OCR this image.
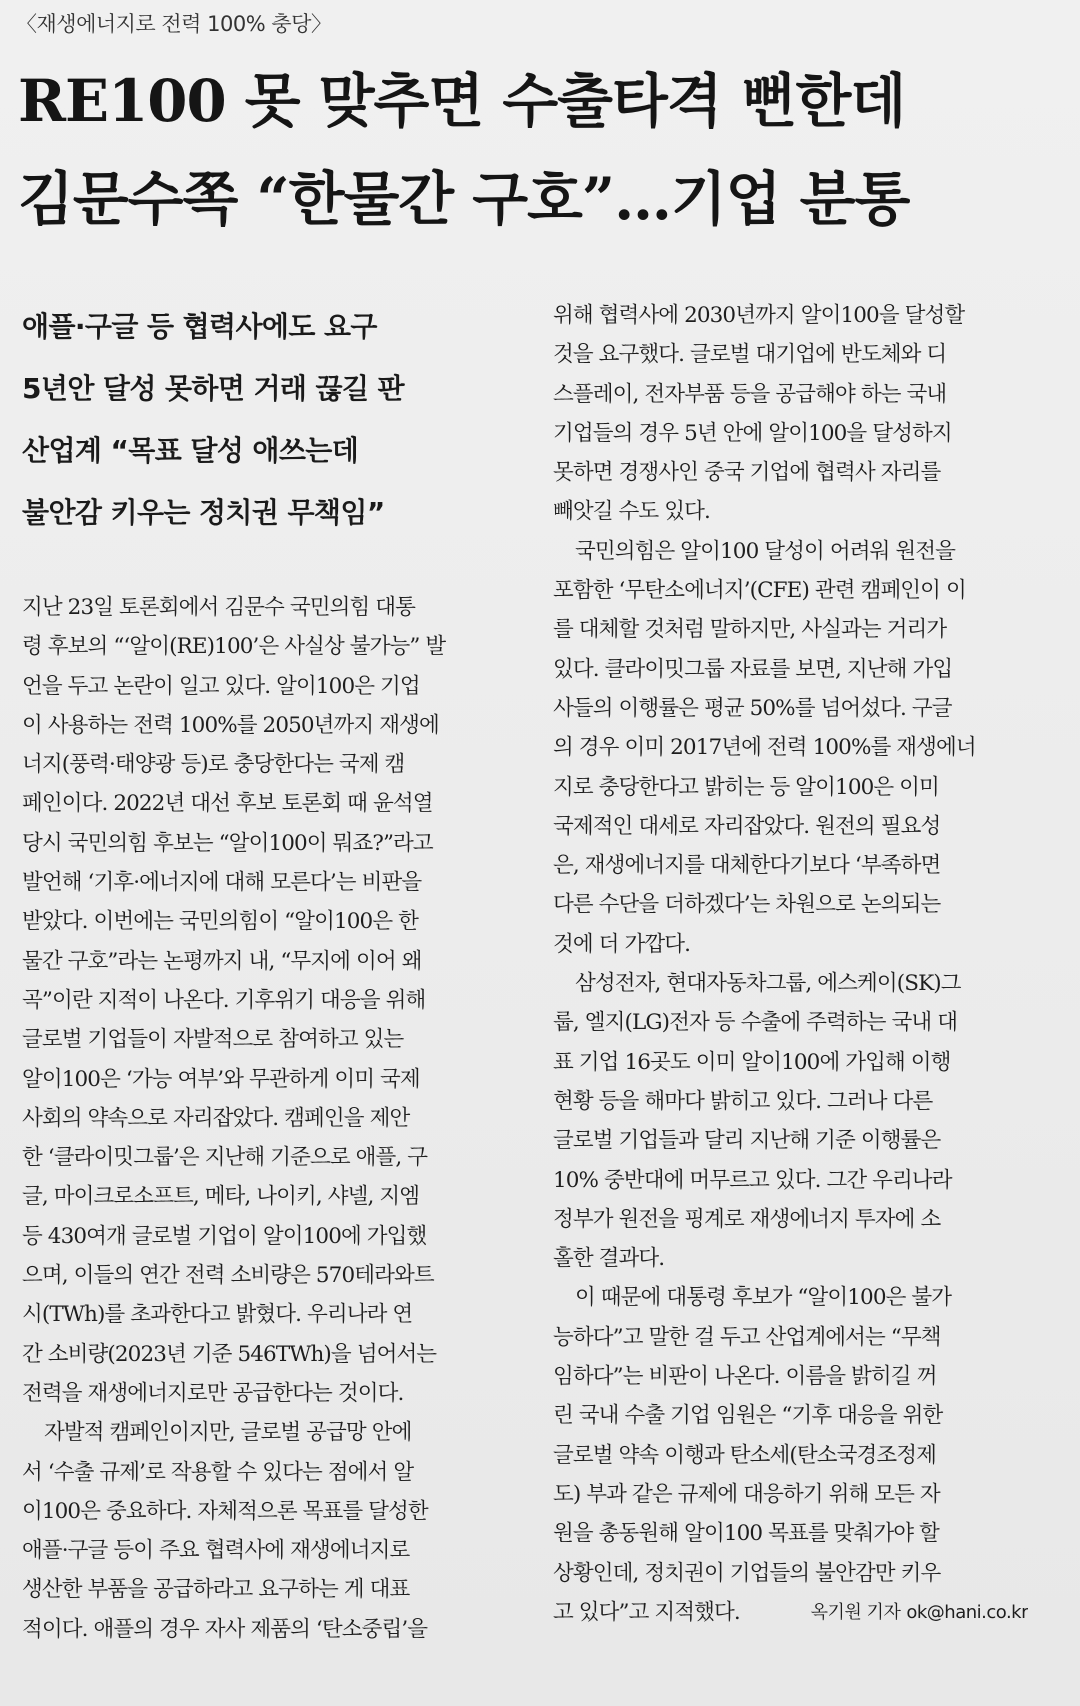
〈재생에너지로 전력 100% 충당〉
RE100 못 맞추면 수출타격 뻔한데
김문수쪽 “한물간 구호”…기업 분통
애플·구글 등 협력사에도 요구
5년안 달성 못하면 거래 끊길 판
산업계 “목표 달성 애쓰는데
불안감 키우는 정치권 무책임”
지난 23일 토론회에서 김문수 국민의힘 대통
령 후보의 “‘알이(RE)100’은 사실상 불가능” 발
언을 두고 논란이 일고 있다. 알이100은 기업
이 사용하는 전력 100%를 2050년까지 재생에
너지(풍력·태양광 등)로 충당한다는 국제 캠
페인이다. 2022년 대선 후보 토론회 때 윤석열
당시 국민의힘 후보는 “알이100이 뭐죠?”라고
발언해 ‘기후·에너지에 대해 모른다’는 비판을
받았다. 이번에는 국민의힘이 “알이100은 한
물간 구호”라는 논평까지 내, “무지에 이어 왜
곡”이란 지적이 나온다. 기후위기 대응을 위해
글로벌 기업들이 자발적으로 참여하고 있는
알이100은 ‘가능 여부’와 무관하게 이미 국제
사회의 약속으로 자리잡았다. 캠페인을 제안
한 ‘클라이밋그룹’은 지난해 기준으로 애플, 구
글, 마이크로소프트, 메타, 나이키, 샤넬, 지엠
등 430여개 글로벌 기업이 알이100에 가입했
으며, 이들의 연간 전력 소비량은 570테라와트
시(TWh)를 초과한다고 밝혔다. 우리나라 연
간 소비량(2023년 기준 546TWh)을 넘어서는
전력을 재생에너지로만 공급한다는 것이다.
자발적 캠페인이지만, 글로벌 공급망 안에
서 ‘수출 규제’로 작용할 수 있다는 점에서 알
이100은 중요하다. 자체적으론 목표를 달성한
애플·구글 등이 주요 협력사에 재생에너지로
생산한 부품을 공급하라고 요구하는 게 대표
적이다. 애플의 경우 자사 제품의 ‘탄소중립’을
위해 협력사에 2030년까지 알이100을 달성할
것을 요구했다. 글로벌 대기업에 반도체와 디
스플레이, 전자부품 등을 공급해야 하는 국내
기업들의 경우 5년 안에 알이100을 달성하지
못하면 경쟁사인 중국 기업에 협력사 자리를
빼앗길 수도 있다.
국민의힘은 알이100 달성이 어려워 원전을
포함한 ‘무탄소에너지’(CFE) 관련 캠페인이 이
를 대체할 것처럼 말하지만, 사실과는 거리가
있다. 클라이밋그룹 자료를 보면, 지난해 가입
사들의 이행률은 평균 50%를 넘어섰다. 구글
의 경우 이미 2017년에 전력 100%를 재생에너
지로 충당한다고 밝히는 등 알이100은 이미
국제적인 대세로 자리잡았다. 원전의 필요성
은, 재생에너지를 대체한다기보다 ‘부족하면
다른 수단을 더하겠다’는 차원으로 논의되는
것에 더 가깝다.
삼성전자, 현대자동차그룹, 에스케이(SK)그
룹, 엘지(LG)전자 등 수출에 주력하는 국내 대
표 기업 16곳도 이미 알이100에 가입해 이행
현황 등을 해마다 밝히고 있다. 그러나 다른
글로벌 기업들과 달리 지난해 기준 이행률은
10% 중반대에 머무르고 있다. 그간 우리나라
정부가 원전을 핑계로 재생에너지 투자에 소
홀한 결과다.
이 때문에 대통령 후보가 “알이100은 불가
능하다”고 말한 걸 두고 산업계에서는 “무책
임하다”는 비판이 나온다. 이름을 밝히길 꺼
린 국내 수출 기업 임원은 “기후 대응을 위한
글로벌 약속 이행과 탄소세(탄소국경조정제
도) 부과 같은 규제에 대응하기 위해 모든 자
원을 총동원해 알이100 목표를 맞춰가야 할
상황인데, 정치권이 기업들의 불안감만 키우
고 있다”고 지적했다.	옥기원 기자 ok@hani.co.kr
